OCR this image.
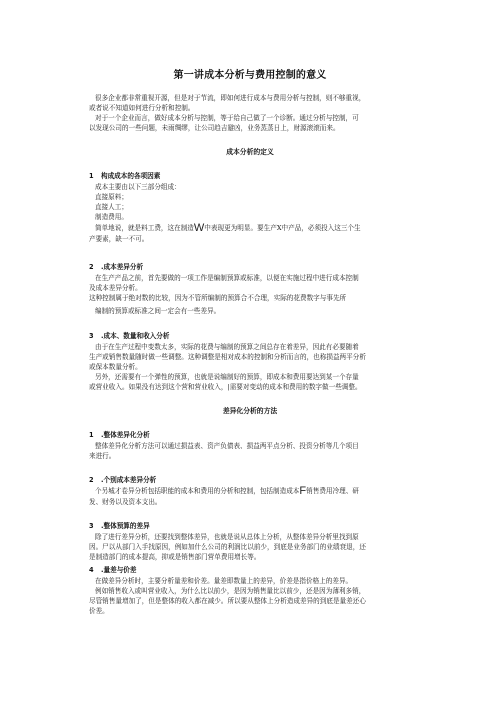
第一讲成本分析与费用控制的意义
很多企业都非常重视开源，但是对于节流，即如何进行成本与费用分析与控制，则不够重视，
或者说不知道如何进行分析和控制。
对于一个企业而言，做好成本分析与控制，等于给自己做了一个诊断。通过分析与控制，可
以发现公司的一些问题，未雨绸缪，让公司趋吉避凶，业务蒸蒸日上，财源滚滚而来。
成本分析的定义
1 构成成本的各项因素
成本主要由以下三部分组成：
直接原料；
直接人工；
制造费用。
简单地说，就是料工费，这在制造W中表现更为明显。要生产X中产品，必须投入这三个生
产要素，缺一不可。
2 .成本差异分析
在生产产品之前，首先要做的一项工作是编制预算或标准，以便在实施过程中进行成本控制
及成本差异分析。
这种控制属于绝对数的比较，因为不管所编制的预算合不合理，实际的花费数字与事先所
编制的预算或标准之间一定会有一些差异。
3 .成本、数量和收入分析
由于在生产过程中变数太多，实际的花费与编制的预算之间总存在着差异，因此有必要随着
生产或销售数量随时做一些调整。这种调整是相对成本的控制和分析而言的，也称损益两平分析
或保本数量分析。
另外，还需要有一个弹性的预算，也就是说编制好的预算，即成本和费用要达到某一个存量
或营业收入。如果没有达到这个营和营业收入，|需要对变动的成本和费用的数字做一些调整。
差异化分析的方法
1 .整体差异化分析
整体差异化分析方法可以通过损益表、资产负债表、损益两平点分析、投资分析等几个项目
来进行。
2 .个别成本差异分析
个另城才卷异分析包括职能的成本和费用的分析和控制，包括制造成本F销售费用冷理、研
发、财务以及资本支出。
3 .整体预算的差异
除了进行差异分析，还要找到整体差异，也就是说从总体上分析，从整体差异分析里找到原
因。尸以从部门入手找原因，例如加什么公司的利润比以前少，到底是业务部门的业绩衰退，还
是制造部门的成本提高，抑或是销售部门营单费用增长等。
4 .量差与价差
在做差异分析时，主要分析量差和价差。量差即数量上的差异，价差是指价格上的差异。
例如销售收入或叫营业收入，为什么比以前少，是因为销售量比以前少，还是因为薄利多销，
尽管销售量增加了，但是整体的收入都在减少。所以要从整体上分析造成差异的到底是量差还心
价差。
